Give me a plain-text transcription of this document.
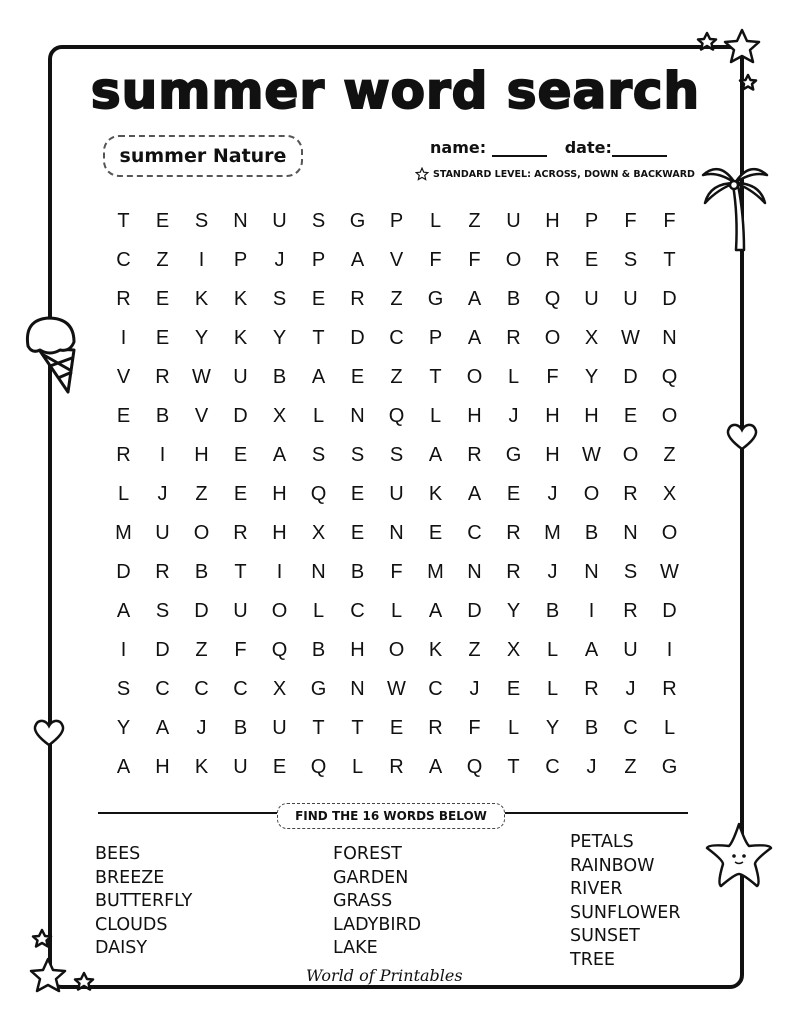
summer word search
summer Nature	name:	date:
STANDARD LEVEL: ACROSS, DOWN & BACKWARD
T	E	S	N	U	S	G	P	L	Z	U	H	P	F	F
C	Z	I	P	J	P	A	V	F	F	O	R	E	S	T
R	E	K	K	S	E	R	Z	G	A	B	Q	U	U	D
I	E	Y	K	Y	T	D	C	P	A	R	O	X	W	N
V	R	W	U	B	A	E	Z	T	O	L	F	Y	D	Q
E	B	V	D	X	L	N	Q	L	H	J	H	H	E	O
R	I	H	E	A	S	S	S	A	R	G	H	W	O	Z
L	J	Z	E	H	Q	E	U	K	A	E	J	O	R	X
M	U	O	R	H	X	E	N	E	C	R	M	B	N	O
D	R	B	T	I	N	B	F	M	N	R	J	N	S	W
A	S	D	U	O	L	C	L	A	D	Y	B	I	R	D
I	D	Z	F	Q	B	H	O	K	Z	X	L	A	U	I
S	C	C	C	X	G	N	W	C	J	E	L	R	J	R
Y	A	J	B	U	T	T	E	R	F	L	Y	B	C	L
A	H	K	U	E	Q	L	R	A	Q	T	C	J	Z	G
FIND THE 16 WORDS BELOW
BEES
BREEZE
BUTTERFLY
CLOUDS
DAISY
FOREST
GARDEN
GRASS
LADYBIRD
LAKE
PETALS
RAINBOW
RIVER
SUNFLOWER
SUNSET
TREE
World of Printables
